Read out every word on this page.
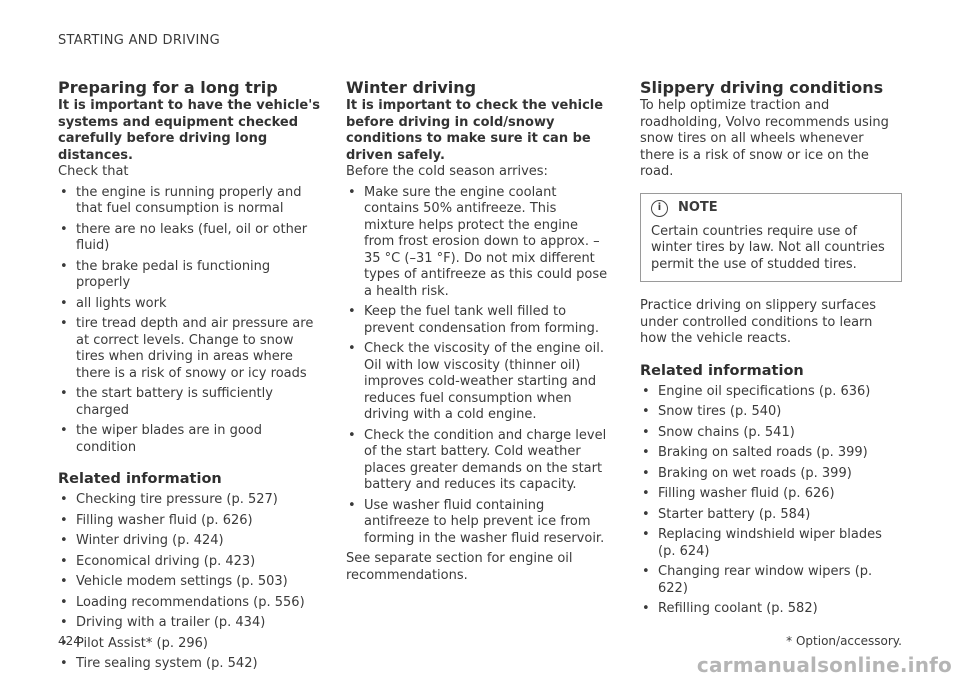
STARTING AND DRIVING
Preparing for a long trip

It is important to have the vehicle's systems and equipment checked carefully before driving long distances.

Check that

• the engine is running properly and that fuel consumption is normal
• there are no leaks (fuel, oil or other fluid)
• the brake pedal is functioning properly
• all lights work
• tire tread depth and air pressure are at correct levels. Change to snow tires when driving in areas where there is a risk of snowy or icy roads
• the start battery is sufficiently charged
• the wiper blades are in good condition
Related information
• Checking tire pressure (p. 527)
• Filling washer fluid (p. 626)
• Winter driving (p. 424)
• Economical driving (p. 423)
• Vehicle modem settings (p. 503)
• Loading recommendations (p. 556)
• Driving with a trailer (p. 434)
• Pilot Assist* (p. 296)
• Tire sealing system (p. 542)
Winter driving

It is important to check the vehicle before driving in cold/snowy conditions to make sure it can be driven safely.

Before the cold season arrives:

• Make sure the engine coolant contains 50% antifreeze. This mixture helps protect the engine from frost erosion down to approx. –35 °C (–31 °F). Do not mix different types of antifreeze as this could pose a health risk.
• Keep the fuel tank well filled to prevent condensation from forming.
• Check the viscosity of the engine oil. Oil with low viscosity (thinner oil) improves cold-weather starting and reduces fuel consumption when driving with a cold engine.
• Check the condition and charge level of the start battery. Cold weather places greater demands on the start battery and reduces its capacity.
• Use washer fluid containing antifreeze to help prevent ice from forming in the washer fluid reservoir.

See separate section for engine oil recommendations.

Slippery driving conditions

To help optimize traction and roadholding, Volvo recommends using snow tires on all wheels whenever there is a risk of snow or ice on the road.

i	NOTE
Certain countries require use of winter tires by law. Not all countries permit the use of studded tires.

Practice driving on slippery surfaces under controlled conditions to learn how the vehicle reacts.

Related information
• Engine oil specifications (p. 636)
• Snow tires (p. 540)
• Snow chains (p. 541)
• Braking on salted roads (p. 399)
• Braking on wet roads (p. 399)
• Filling washer fluid (p. 626)
• Starter battery (p. 584)
• Replacing windshield wiper blades (p. 624)
• Changing rear window wipers (p. 622)
• Refilling coolant (p. 582)
424	* Option/accessory.
carmanualsonline.info
